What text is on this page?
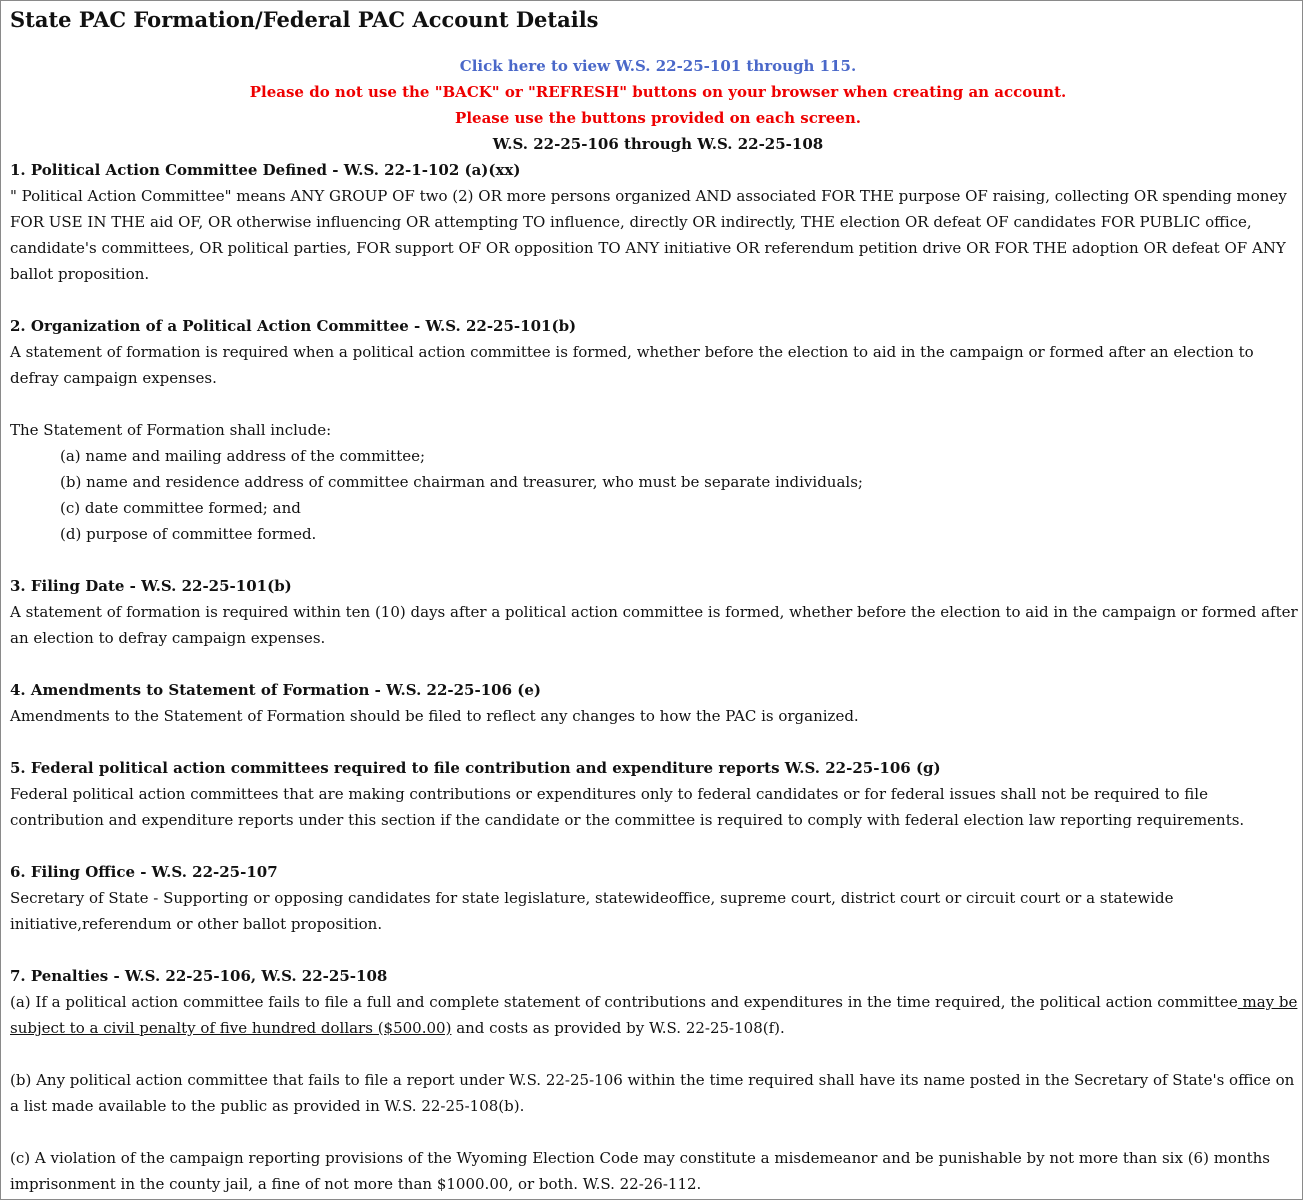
State PAC Formation/Federal PAC Account Details
Click here to view W.S. 22-25-101 through 115.
Please do not use the "BACK" or "REFRESH" buttons on your browser when creating an account.
Please use the buttons provided on each screen.
W.S. 22-25-106 through W.S. 22-25-108

1. Political Action Committee Defined - W.S. 22-1-102 (a)(xx)

" Political Action Committee" means ANY GROUP OF two (2) OR more persons organized AND associated FOR THE purpose OF raising, collecting OR spending money FOR USE IN THE aid OF, OR otherwise influencing OR attempting TO influence, directly OR indirectly, THE election OR defeat OF candidates FOR PUBLIC office, candidate's committees, OR political parties, FOR support OF OR opposition TO ANY initiative OR referendum petition drive OR FOR THE adoption OR defeat OF ANY ballot proposition.

2. Organization of a Political Action Committee - W.S. 22-25-101(b)

A statement of formation is required when a political action committee is formed, whether before the election to aid in the campaign or formed after an election to defray campaign expenses.

The Statement of Formation shall include:

(a) name and mailing address of the committee;

(b) name and residence address of committee chairman and treasurer, who must be separate individuals;

(c) date committee formed; and

(d) purpose of committee formed.

3. Filing Date - W.S. 22-25-101(b)

A statement of formation is required within ten (10) days after a political action committee is formed, whether before the election to aid in the campaign or formed after an election to defray campaign expenses.

4. Amendments to Statement of Formation - W.S. 22-25-106 (e)

Amendments to the Statement of Formation should be filed to reflect any changes to how the PAC is organized.

5. Federal political action committees required to file contribution and expenditure reports W.S. 22-25-106 (g)

Federal political action committees that are making contributions or expenditures only to federal candidates or for federal issues shall not be required to file contribution and expenditure reports under this section if the candidate or the committee is required to comply with federal election law reporting requirements.

6. Filing Office - W.S. 22-25-107

Secretary of State - Supporting or opposing candidates for state legislature, statewideoffice, supreme court, district court or circuit court or a statewide initiative,referendum or other ballot proposition.

7. Penalties - W.S. 22-25-106, W.S. 22-25-108

(a) If a political action committee fails to file a full and complete statement of contributions and expenditures in the time required, the political action committee may be subject to a civil penalty of five hundred dollars ($500.00) and costs as provided by W.S. 22-25-108(f).

(b) Any political action committee that fails to file a report under W.S. 22-25-106 within the time required shall have its name posted in the Secretary of State's office on a list made available to the public as provided in W.S. 22-25-108(b).

(c) A violation of the campaign reporting provisions of the Wyoming Election Code may constitute a misdemeanor and be punishable by not more than six (6) months imprisonment in the county jail, a fine of not more than $1000.00, or both. W.S. 22-26-112.
